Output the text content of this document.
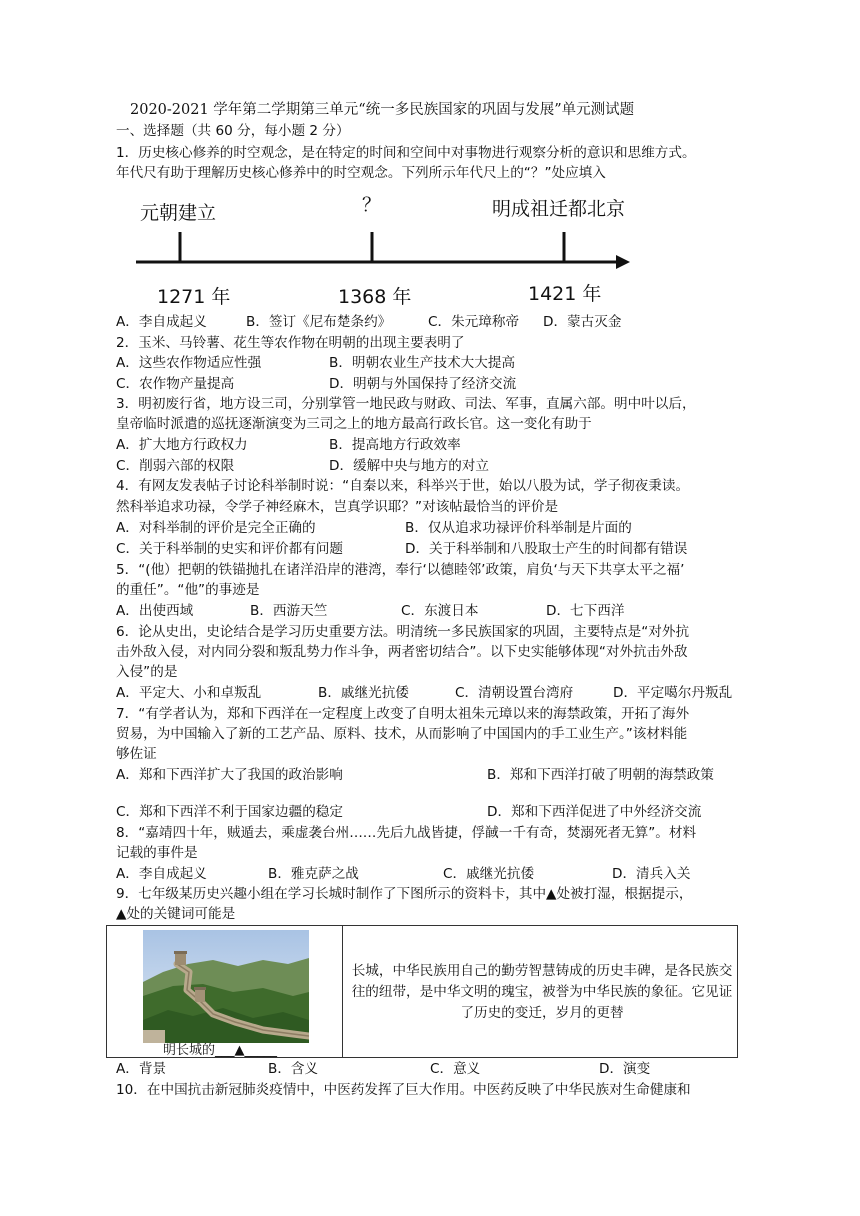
2020-2021 学年第二学期第三单元“统一多民族国家的巩固与发展”单元测试题
一、选择题（共 60 分，每小题 2 分）
1．历史核心修养的时空观念，是在特定的时间和空间中对事物进行观察分析的意识和思维方式。
年代尺有助于理解历史核心修养中的时空观念。下列所示年代尺上的“？”处应填入
元朝建立	？	明成祖迁都北京
1271 年	1368 年	1421 年
A．李自成起义	B．签订《尼布楚条约》	C．朱元璋称帝 D．蒙古灭金
2．玉米、马铃薯、花生等农作物在明朝的出现主要表明了
A．这些农作物适应性强	B．明朝农业生产技术大大提高
C．农作物产量提高	D．明朝与外国保持了经济交流
3．明初废行省，地方设三司，分别掌管一地民政与财政、司法、军事，直属六部。明中叶以后，
皇帝临时派遣的巡抚逐渐演变为三司之上的地方最高行政长官。这一变化有助于
A．扩大地方行政权力	B．提高地方行政效率
C．削弱六部的权限	D．缓解中央与地方的对立
4．有网友发表帖子讨论科举制时说：“自秦以来，科举兴于世，始以八股为试，学子彻夜秉读。
然科举追求功禄，令学子神经麻木，岂真学识耶？”对该帖最恰当的评价是
A．对科举制的评价是完全正确的	B．仅从追求功禄评价科举制是片面的
C．关于科举制的史实和评价都有问题	D．关于科举制和八股取士产生的时间都有错误
5．“(他）把朝的铁锚抛扎在诸洋沿岸的港湾，奉行‘以德睦邻’政策，肩负‘与天下共享太平之福’
的重任”。“他”的事迹是
A．出使西域	B．西游天竺	C．东渡日本	D．七下西洋
6．论从史出，史论结合是学习历史重要方法。明清统一多民族国家的巩固，主要特点是“对外抗
击外敌入侵，对内同分裂和叛乱势力作斗争，两者密切结合”。以下史实能够体现“对外抗击外敌
入侵”的是
A．平定大、小和卓叛乱	B．戚继光抗倭	C．清朝设置台湾府	D．平定噶尔丹叛乱
7．“有学者认为，郑和下西洋在一定程度上改变了自明太祖朱元璋以来的海禁政策，开拓了海外
贸易，为中国输入了新的工艺产品、原料、技术，从而影响了中国国内的手工业生产。”该材料能
够佐证
A．郑和下西洋扩大了我国的政治影响	B．郑和下西洋打破了明朝的海禁政策
C．郑和下西洋不利于国家边疆的稳定	D．郑和下西洋促进了中外经济交流
8．“嘉靖四十年，贼遁去，乘虚袭台州……先后九战皆捷，俘馘一千有奇，焚溺死者无算”。材料
记载的事件是
A．李自成起义	B．雅克萨之战	C．戚继光抗倭	D．清兵入关
9．七年级某历史兴趣小组在学习长城时制作了下图所示的资料卡，其中▲处被打湿，根据提示，
▲处的关键词可能是
明长城的___▲_____
长城，中华民族用自己的勤劳智慧铸成的历史丰碑，是各民族交往的纽带，是中华文明的瑰宝，被誉为中华民族的象征。它见证了历史的变迁，岁月的更替
A．背景	B．含义	C．意义	D．演变
10．在中国抗击新冠肺炎疫情中，中医药发挥了巨大作用。中医药反映了中华民族对生命健康和
